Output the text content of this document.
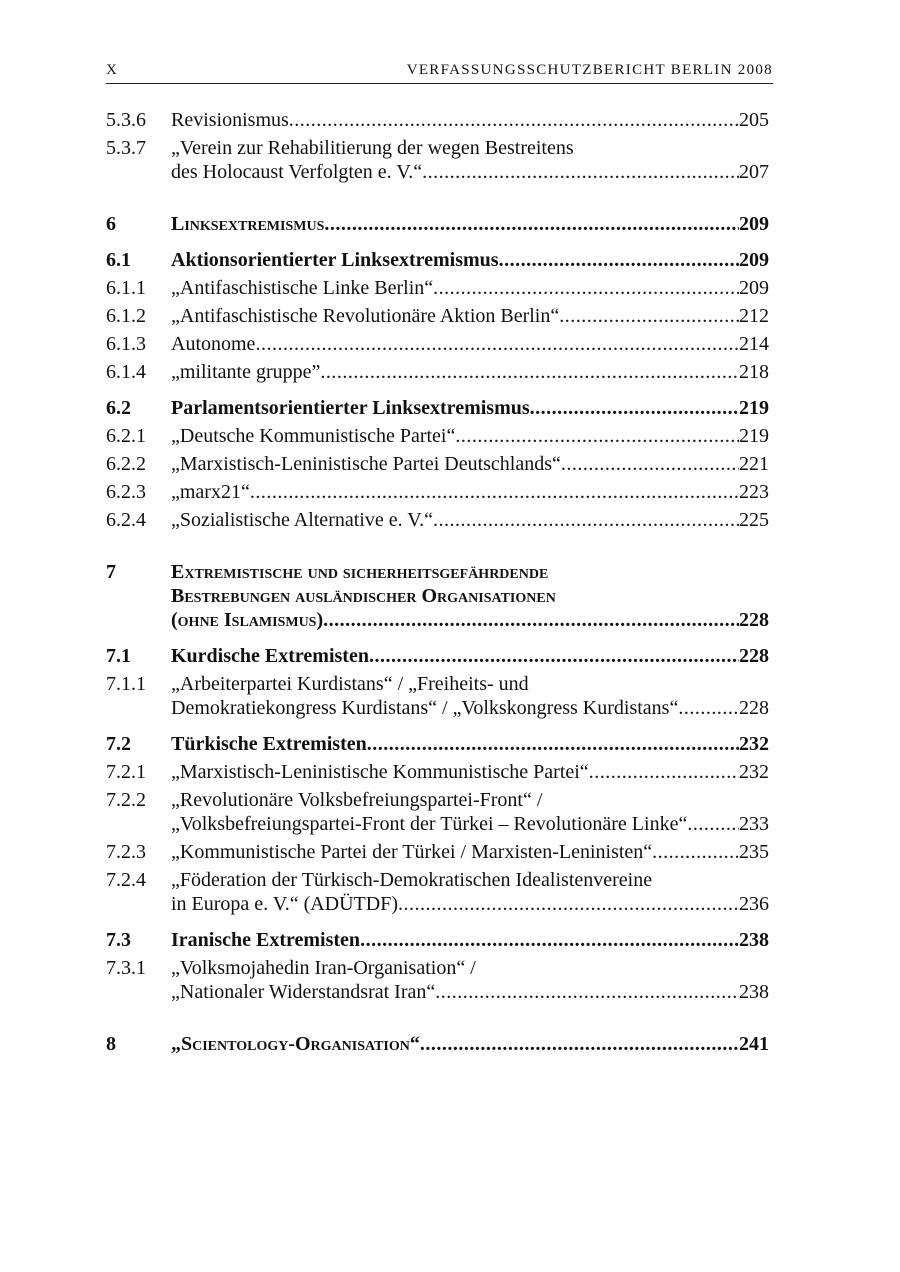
X	VERFASSUNGSSCHUTZBERICHT BERLIN 2008
5.3.6	Revisionismus .....	205
5.3.7	„Verein zur Rehabilitierung der wegen Bestreitens
des Holocaust Verfolgten e. V.“ .....	207
6	Linksextremismus .....	209
6.1	Aktionsorientierter Linksextremismus .....	209
6.1.1	„Antifaschistische Linke Berlin“ .....	209
6.1.2	„Antifaschistische Revolutionäre Aktion Berlin“ .....	212
6.1.3	Autonome .....	214
6.1.4	„militante gruppe” .....	218
6.2	Parlamentsorientierter Linksextremismus .....	219
6.2.1	„Deutsche Kommunistische Partei“ .....	219
6.2.2	„Marxistisch-Leninistische Partei Deutschlands“ .....	221
6.2.3	„marx21“ .....	223
6.2.4	„Sozialistische Alternative e. V.“ .....	225
7	Extremistische und sicherheitsgefährdende
Bestrebungen ausländischer Organisationen
(ohne Islamismus) .....	228
7.1	Kurdische Extremisten .....	228
7.1.1	„Arbeiterpartei Kurdistans“ / „Freiheits- und
Demokratiekongress Kurdistans“ / „Volkskongress Kurdistans“ .....	228
7.2	Türkische Extremisten .....	232
7.2.1	„Marxistisch-Leninistische Kommunistische Partei“ .....	232
7.2.2	„Revolutionäre Volksbefreiungspartei-Front“ /
„Volksbefreiungspartei-Front der Türkei – Revolutionäre Linke“ .....	233
7.2.3	„Kommunistische Partei der Türkei / Marxisten-Leninisten“ .....	235
7.2.4	„Föderation der Türkisch-Demokratischen Idealistenvereine
in Europa e. V.“ (ADÜTDF) .....	236
7.3	Iranische Extremisten .....	238
7.3.1	„Volksmojahedin Iran-Organisation“ /
„Nationaler Widerstandsrat Iran“ .....	238
8	„Scientology-Organisation“ .....	241
